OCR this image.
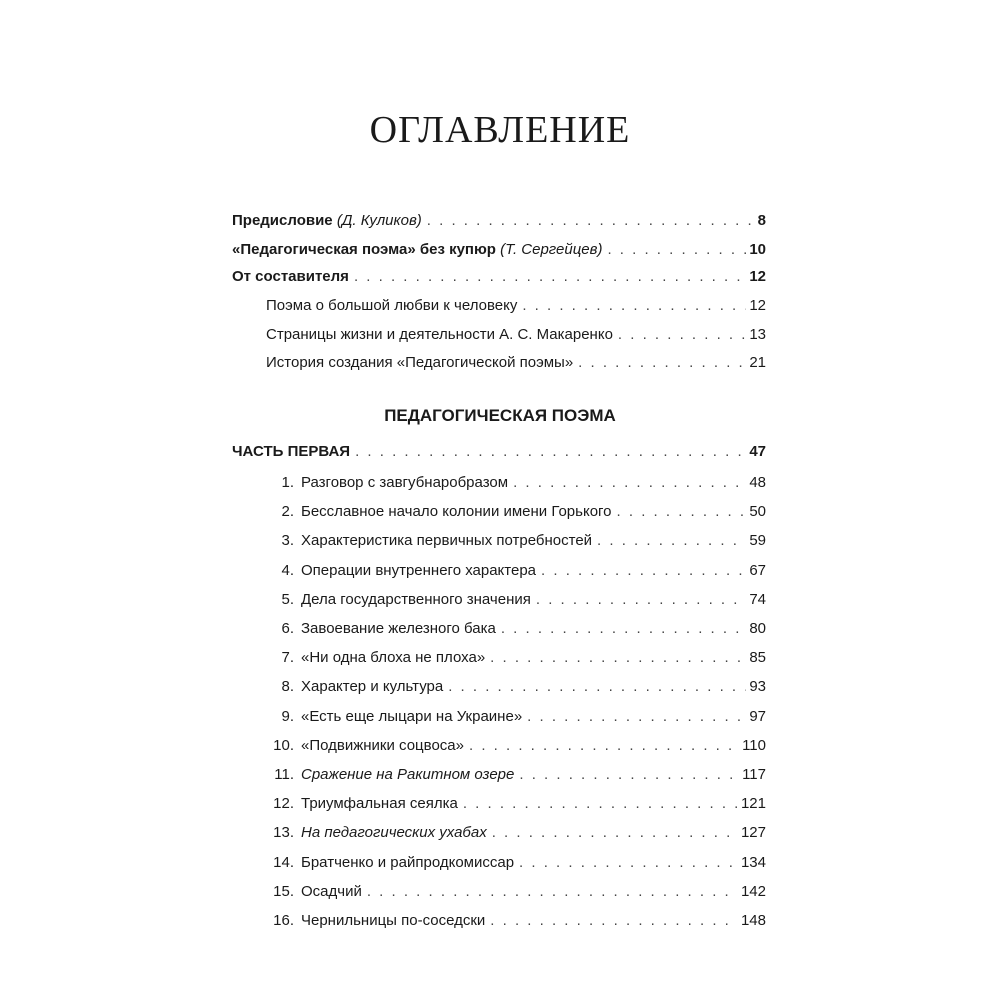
ОГЛАВЛЕНИЕ
Предисловие (Д. Куликов) . . .	8
«Педагогическая поэма» без купюр (Т. Сергейцев) . . .	10
От составителя . . .	12
Поэма о большой любви к человеку . . .	12
Страницы жизни и деятельности А. С. Макаренко . . .	13
История создания «Педагогической поэмы» . . .	21
ПЕДАГОГИЧЕСКАЯ ПОЭМА
ЧАСТЬ ПЕРВАЯ . . .	47
1. Разговор с завгубнаробразом . . .	48
2. Бесславное начало колонии имени Горького . . .	50
3. Характеристика первичных потребностей . . .	59
4. Операции внутреннего характера . . .	67
5. Дела государственного значения . . .	74
6. Завоевание железного бака . . .	80
7. «Ни одна блоха не плоха» . . .	85
8. Характер и культура . . .	93
9. «Есть еще лыцари на Украине» . . .	97
10. «Подвижники соцвоса» . . .	110
11. Сражение на Ракитном озере . . .	117
12. Триумфальная сеялка . . .	121
13. На педагогических ухабах . . .	127
14. Братченко и райпродкомиссар . . .	134
15. Осадчий . . .	142
16. Чернильницы по-соседски . . .	148
